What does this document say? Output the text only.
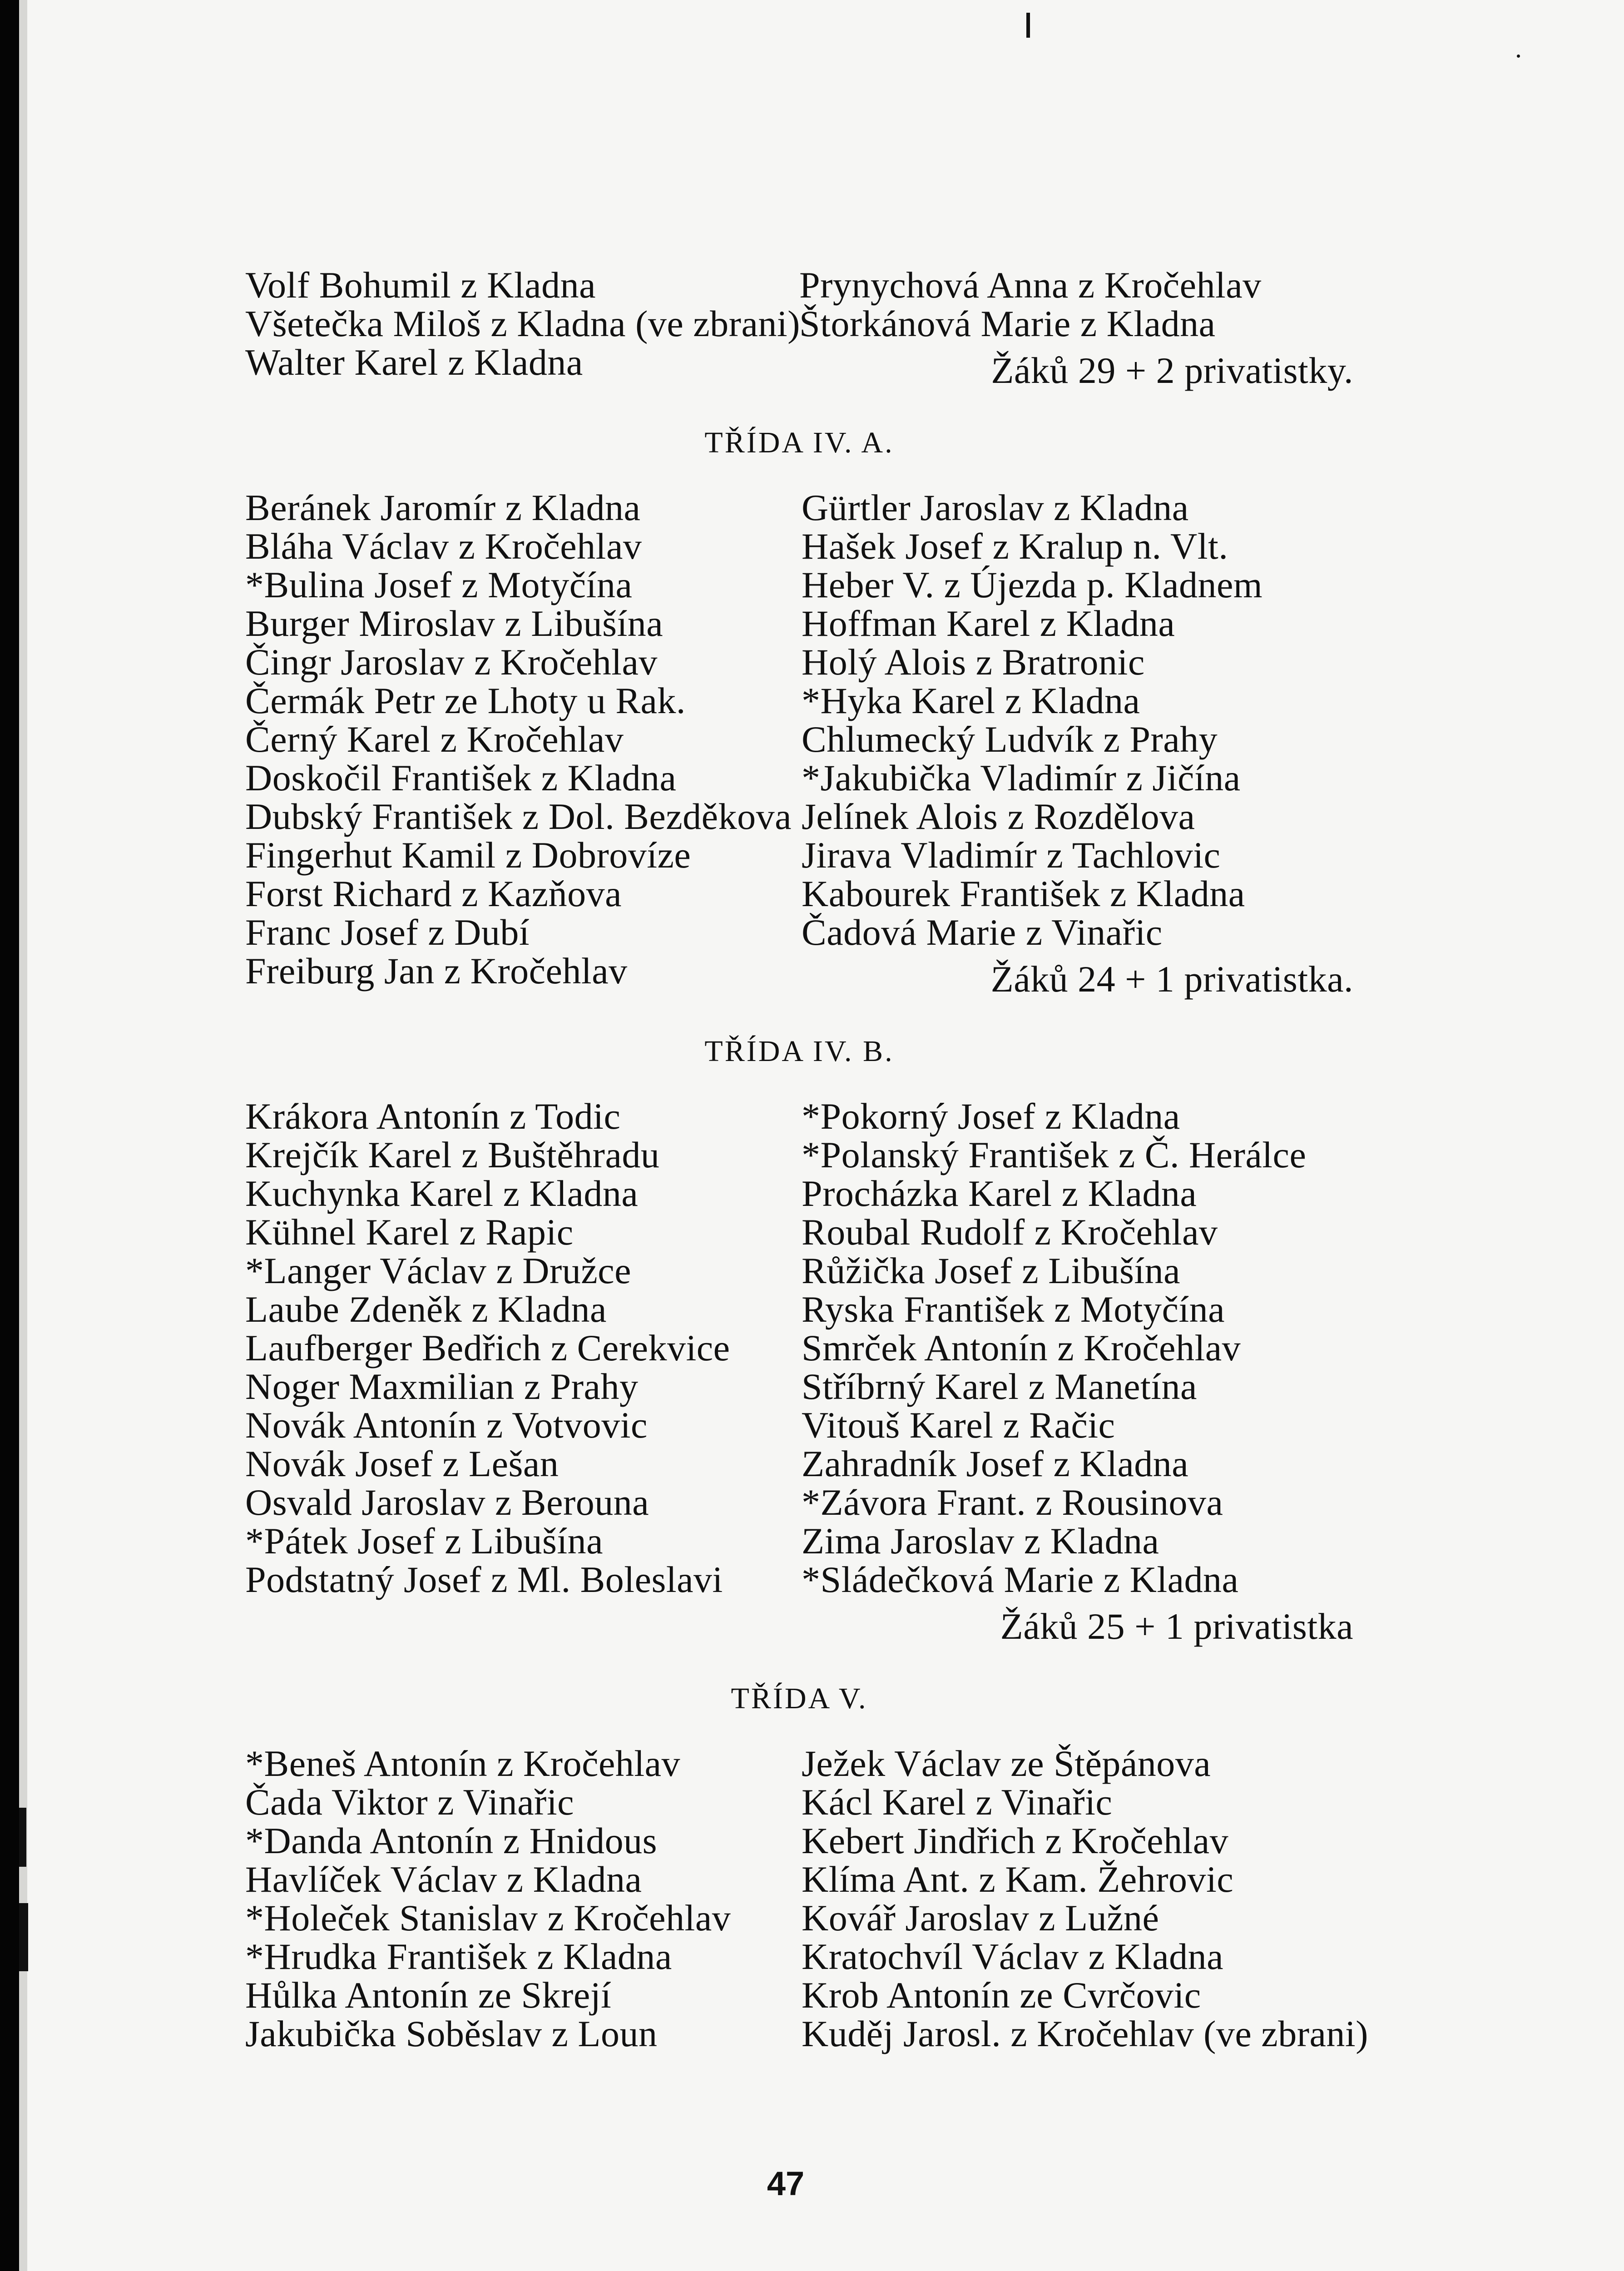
Volf Bohumil z Kladna
Všetečka Miloš z Kladna (ve zbrani)
Walter Karel z Kladna
Prynychová Anna z Kročehlav
Štorkánová Marie z Kladna
Žáků 29 + 2 privatistky.
TŘÍDA IV. A.
Beránek Jaromír z Kladna
Bláha Václav z Kročehlav
*Bulina Josef z Motyčína
Burger Miroslav z Libušína
Čingr Jaroslav z Kročehlav
Čermák Petr ze Lhoty u Rak.
Černý Karel z Kročehlav
Doskočil František z Kladna
Dubský František z Dol. Bezděkova
Fingerhut Kamil z Dobrovíze
Forst Richard z Kazňova
Franc Josef z Dubí
Freiburg Jan z Kročehlav
Gürtler Jaroslav z Kladna
Hašek Josef z Kralup n. Vlt.
Heber V. z Újezda p. Kladnem
Hoffman Karel z Kladna
Holý Alois z Bratronic
*Hyka Karel z Kladna
Chlumecký Ludvík z Prahy
*Jakubička Vladimír z Jičína
Jelínek Alois z Rozdělova
Jirava Vladimír z Tachlovic
Kabourek František z Kladna
Čadová Marie z Vinařic
Žáků 24 + 1 privatistka.
TŘÍDA IV. B.
Krákora Antonín z Todic
Krejčík Karel z Buštěhradu
Kuchynka Karel z Kladna
Kühnel Karel z Rapic
*Langer Václav z Družce
Laube Zdeněk z Kladna
Laufberger Bedřich z Cerekvice
Noger Maxmilian z Prahy
Novák Antonín z Votvovic
Novák Josef z Lešan
Osvald Jaroslav z Berouna
*Pátek Josef z Libušína
Podstatný Josef z Ml. Boleslavi
*Pokorný Josef z Kladna
*Polanský František z Č. Herálce
Procházka Karel z Kladna
Roubal Rudolf z Kročehlav
Růžička Josef z Libušína
Ryska František z Motyčína
Smrček Antonín z Kročehlav
Stříbrný Karel z Manetína
Vitouš Karel z Račic
Zahradník Josef z Kladna
*Závora Frant. z Rousinova
Zima Jaroslav z Kladna
*Sládečková Marie z Kladna
Žáků 25 + 1 privatistka
TŘÍDA V.
*Beneš Antonín z Kročehlav
Čada Viktor z Vinařic
*Danda Antonín z Hnidous
Havlíček Václav z Kladna
*Holeček Stanislav z Kročehlav
*Hrudka František z Kladna
Hůlka Antonín ze Skrejí
Jakubička Soběslav z Loun
Ježek Václav ze Štěpánova
Kácl Karel z Vinařic
Kebert Jindřich z Kročehlav
Klíma Ant. z Kam. Žehrovic
Kovář Jaroslav z Lužné
Kratochvíl Václav z Kladna
Krob Antonín ze Cvrčovic
Kuděj Jarosl. z Kročehlav (ve zbrani)
47
